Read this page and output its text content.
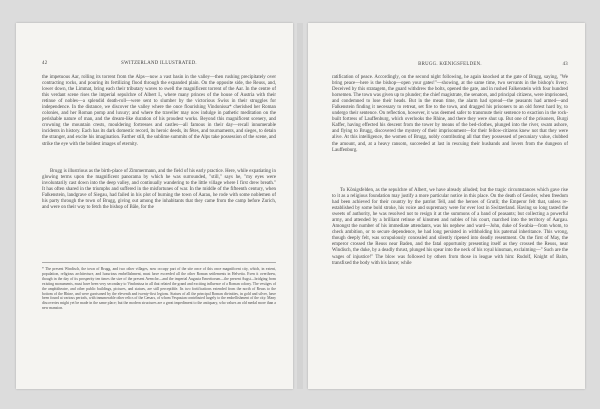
42	SWITZERLAND ILLUSTRATED.

the impetuous Aar, rolling its torrent from the Alps—now a vast basin in the valley—then rushing precipitately over contracting rocks, and pouring its fertilizing flood through the expanded plain. On the opposite side, the Reuss, and, lower down, the Limmat, bring each their tributary waves to swell the magnificent torrent of the Aar. In the centre of this verdant scene rises the imperial sepulchre of Albert I., where many princes of the house of Austria with their retinue of nobles—a splendid death-roll—were sent to slumber by the victorious Swiss in their struggles for independence. In the distance, we discover the valley where the once flourishing Vindonissa* cherished her Roman colonies, and her Roman pomp and luxury; and where the traveller may now indulge in pathetic meditation on the perishable nature of man, and the dream-like duration of his proudest works. Beyond this magnificent scenery, and crowning the mountain crests, mouldering fortresses and castles—all famous in their day—recall innumerable incidents in history. Each has its dark domestic record, its heroic deeds, its fêtes, and tournaments, and sieges, to detain the stranger, and excite his imagination. Farther still, the sublime summits of the Alps take possession of the scene, and strike the eye with the boldest images of eternity.

Brugg is illustrious as the birth-place of Zimmermann, and the field of his early practice. Here, while expatiating in glowing terms upon the magnificent panorama by which he was surrounded, "still," says he, "my eyes were involuntarily cast down into the deep valley, and continually wandering to the little village where I first drew breath." It has often shared in the triumphs and suffered in the misfortunes of war. In the middle of the fifteenth century, when Falkenstein, landgrave of Siegau, had failed in his plot of burning the town of Aarau, he rode with some noblemen of his party through the town of Brugg, giving out among the inhabitants that they came from the camp before Zurich, and were on their way to fetch the bishop of Bâle, for the

* The present Windisch, the town of Brugg, and two other villages, now occupy part of the site once of this once magnificent city, which, in extent, population, religious architecture, and luxurious embellishment, must have exceeded all the other Roman settlements in Helvetia. Even it overthrew, though in the day of its prosperity ten times the size of the present Avenche—and the imperial Augusta Emeritorum—the present Augst—bridging from existing monuments, must have been very secondary to Vindonissa in all that related the grand and exciting influence of a Roman colony. The vestiges of the amphitheatre, and other public buildings, pictures, and statues, are still perceptible. Its two fortifications extended from the north of Reuss to the bottom of the Rhine, and were garrisoned by the eleventh and twenty-first legions. Statues of all the principal Roman divinities, in gold and silver, have been found at various periods, with innumerable other relics of the Cæsars, of whom Vespasian contributed largely to the embellishment of the city. Many discoveries might yet be made in the same place; but the modern structures are a great impediment to the antiquary, who values an old medal more than a new mansion.

BRUGG. KŒNIGSFELDEN.	43

ratification of peace. Accordingly, on the second night following, he again knocked at the gate of Brugg, saying, "We bring peace—here is the bishop—open your gates!"—showing, at the same time, two servants in the bishop's livery. Deceived by this stratagem, the guard withdrew the bolts, opened the gate, and in rushed Falkenstein with four hundred horsemen. The town was given up to plunder; the chief magistrate, the senators, and principal citizens, were imprisoned, and condemned to lose their heads. But in the mean time, the alarm had spread—the peasants had armed—and Falkenstein finding it necessary to retreat, set fire to the town, and dragged his prisoners to an old forest hard by, to undergo their sentence. On reflection, however, it was deemed safer to transmute their sentence to exaction in the rock-built fortress of Lauffenburg, which overlooks the Rhine, and there they were shut up. But one of the prisoners, Burgi Kaffer, having effected his descent from the tower by means of the bed-clothes, plunged into the river, swam ashore, and flying to Brugg, discovered the mystery of their imprisonment—for their fellow-citizens knew not that they were alive. At this intelligence, the women of Brugg, nobly contributing all that they possessed of pecuniary value, clubbed the amount, and, at a heavy ransom, succeeded at last in rescuing their husbands and lovers from the dungeon of Lauffenburg.

To Königsfelden, as the sepulchre of Albert, we have already alluded; but the tragic circumstances which gave rise to it as a religious foundation may justify a more particular notice in this place. On the death of Gessler, when freedom had been achieved for their country by the patriot Tell, and the heroes of Grutli; the Emperor felt that, unless re-established by some bold stroke, his voice and supremacy were for ever lost in Switzerland. Having so long tasted the sweets of authority, he was resolved not to resign it at the summons of a band of peasants; but collecting a powerful army, and attended by a brilliant retinue of kinsmen and nobles of his court, marched into the territory of Aargau. Amongst the number of his immediate attendants, was his nephew and ward—John, duke of Swabia—from whom, to check ambition, or to secure dependence, he had long persisted in withholding his paternal inheritance. This wrong, though deeply felt, was scrupulously concealed and silently ripened into deadly resentment. On the first of May, the emperor crossed the Reuss near Baden, and the fatal opportunity presenting itself as they crossed the Reuss, near Windisch, the duke, by a deadly thrust, plunged his spear into the neck of his royal kinsman, exclaiming—" Such are the wages of injustice!" The blow was followed by others from those in league with him: Rudolf, Knight of Balm, transfixed the body with his lance; while
